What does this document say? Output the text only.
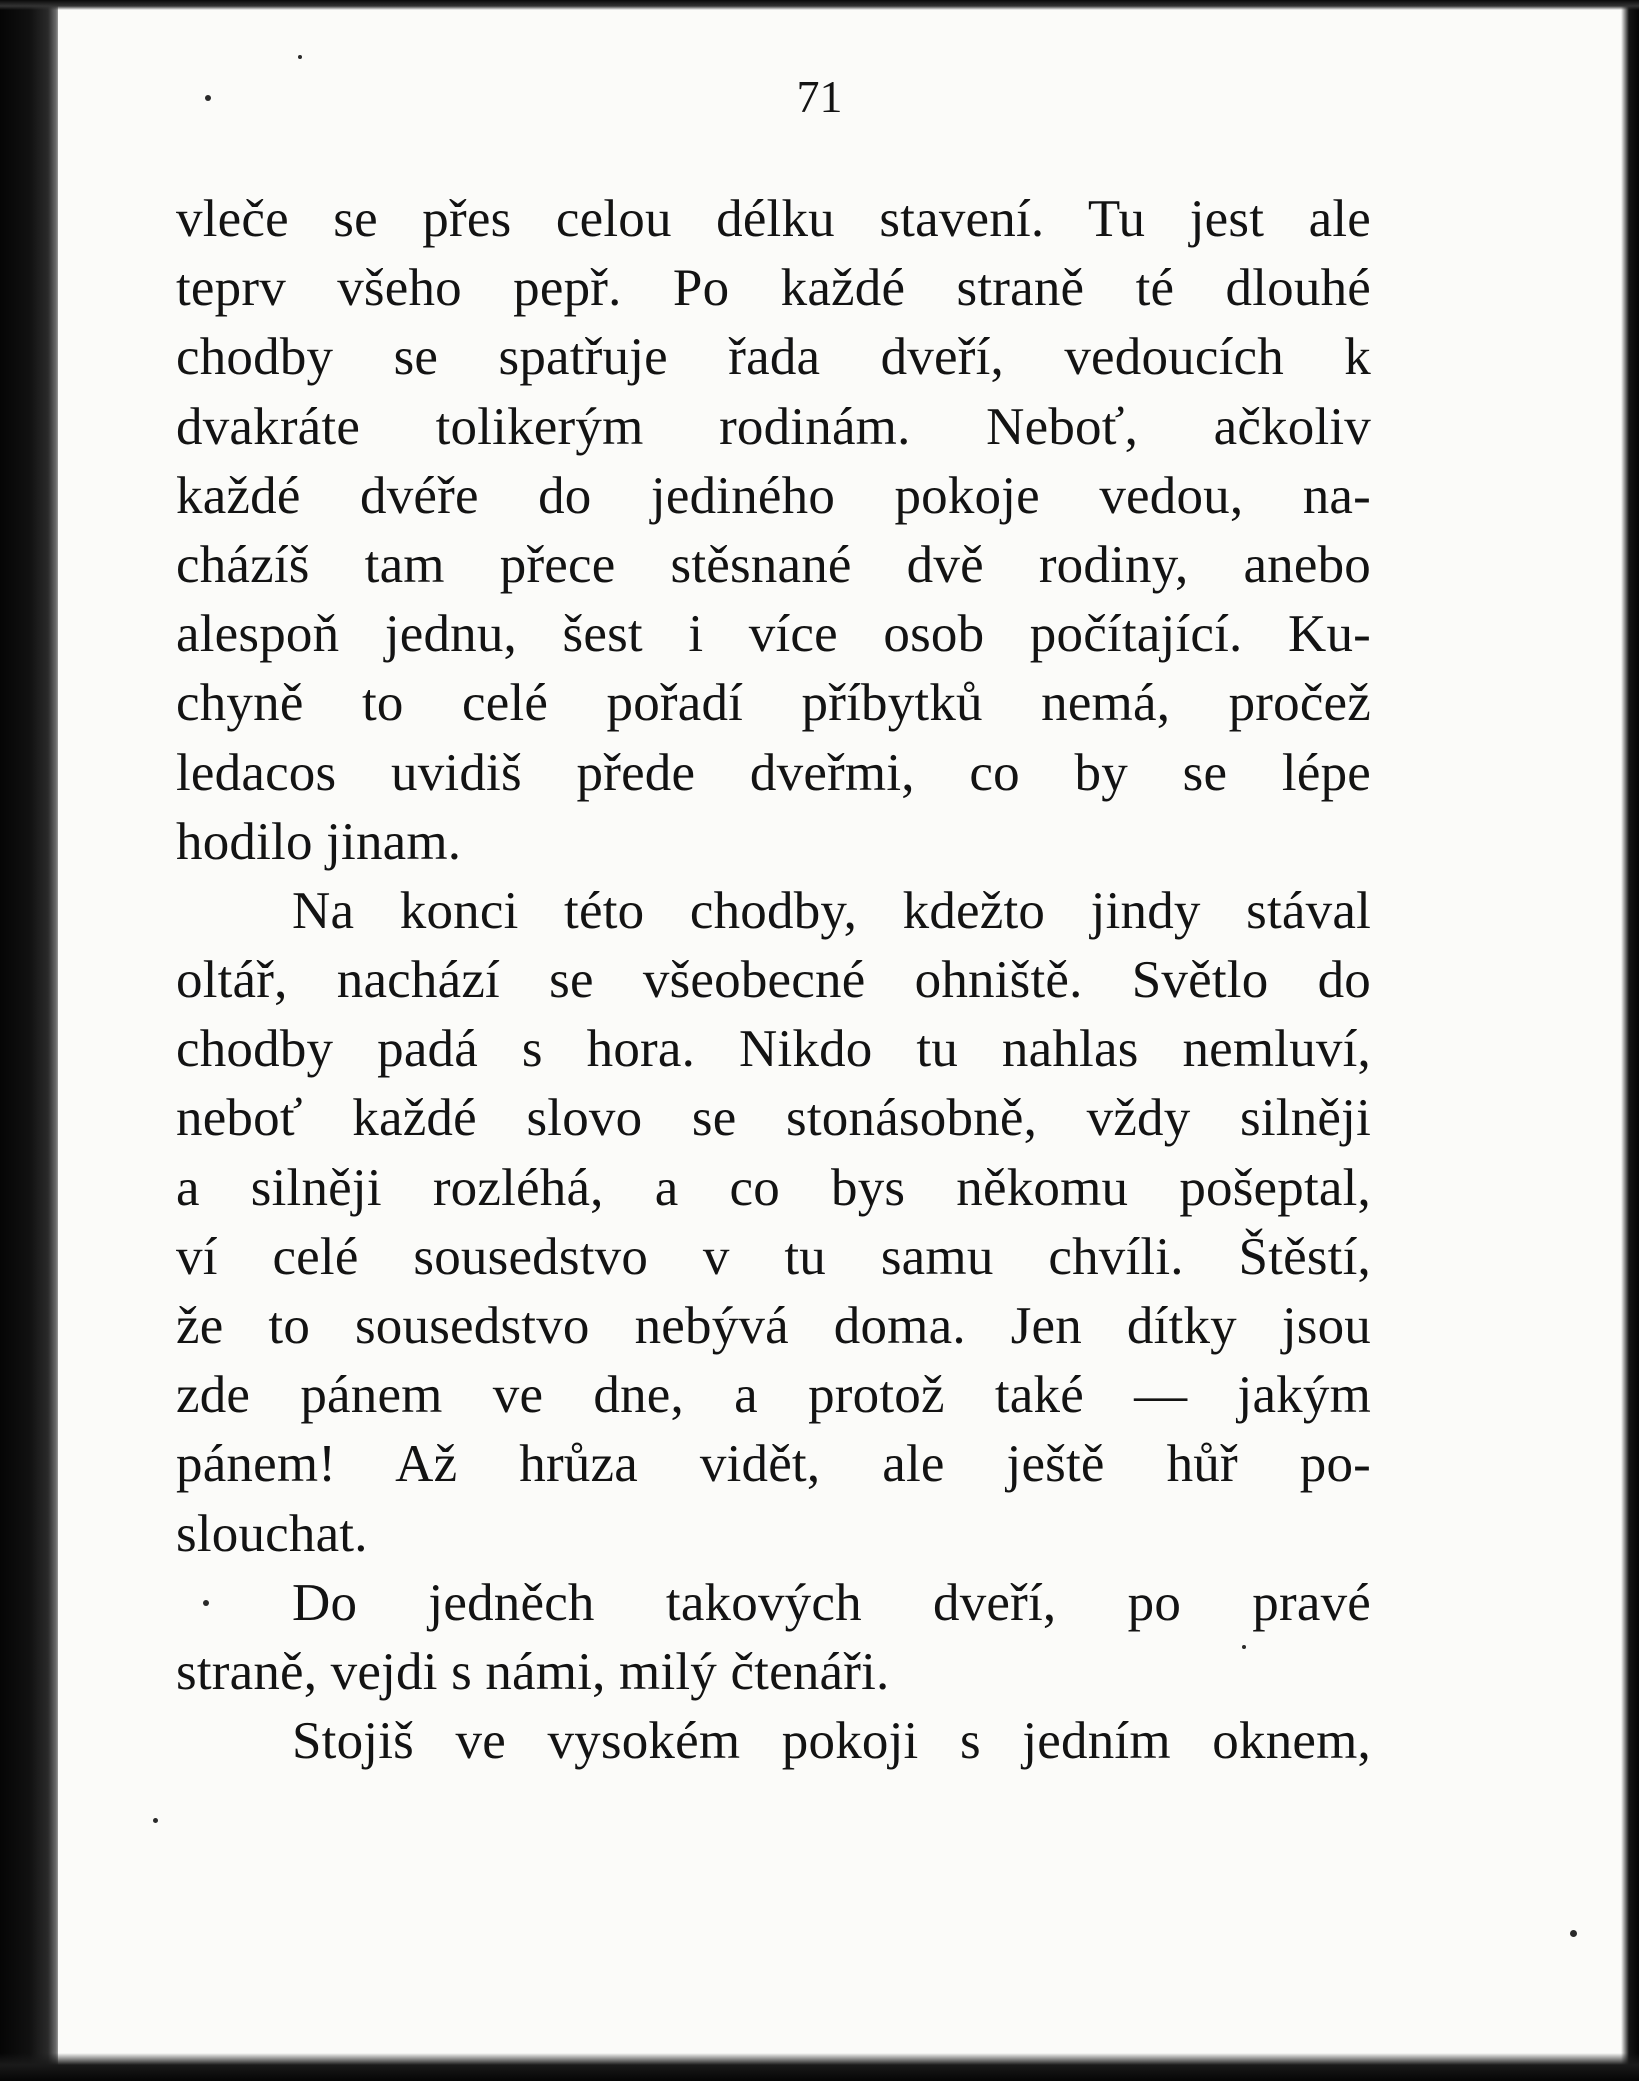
71
vleče se přes celou délku stavení. Tu jest ale
teprv všeho pepř. Po každé straně té dlouhé
chodby se spatřuje řada dveří, vedoucích k
dvakráte tolikerým rodinám. Neboť, ačkoliv
každé dvéře do jediného pokoje vedou, na-
cházíš tam přece stěsnané dvě rodiny, anebo
alespoň jednu, šest i více osob počítající. Ku-
chyně to celé pořadí příbytků nemá, pročež
ledacos uvidiš přede dveřmi, co by se lépe
hodilo jinam.
Na konci této chodby, kdežto jindy stával
oltář, nachází se všeobecné ohniště. Světlo do
chodby padá s hora. Nikdo tu nahlas nemluví,
neboť každé slovo se stonásobně, vždy silněji
a silněji rozléhá, a co bys někomu pošeptal,
ví celé sousedstvo v tu samu chvíli. Štěstí,
že to sousedstvo nebývá doma. Jen dítky jsou
zde pánem ve dne, a protož také — jakým
pánem! Až hrůza vidět, ale ještě hůř po-
slouchat.
Do jedněch takových dveří, po pravé
straně, vejdi s námi, milý čtenáři.
Stojiš ve vysokém pokoji s jedním oknem,
